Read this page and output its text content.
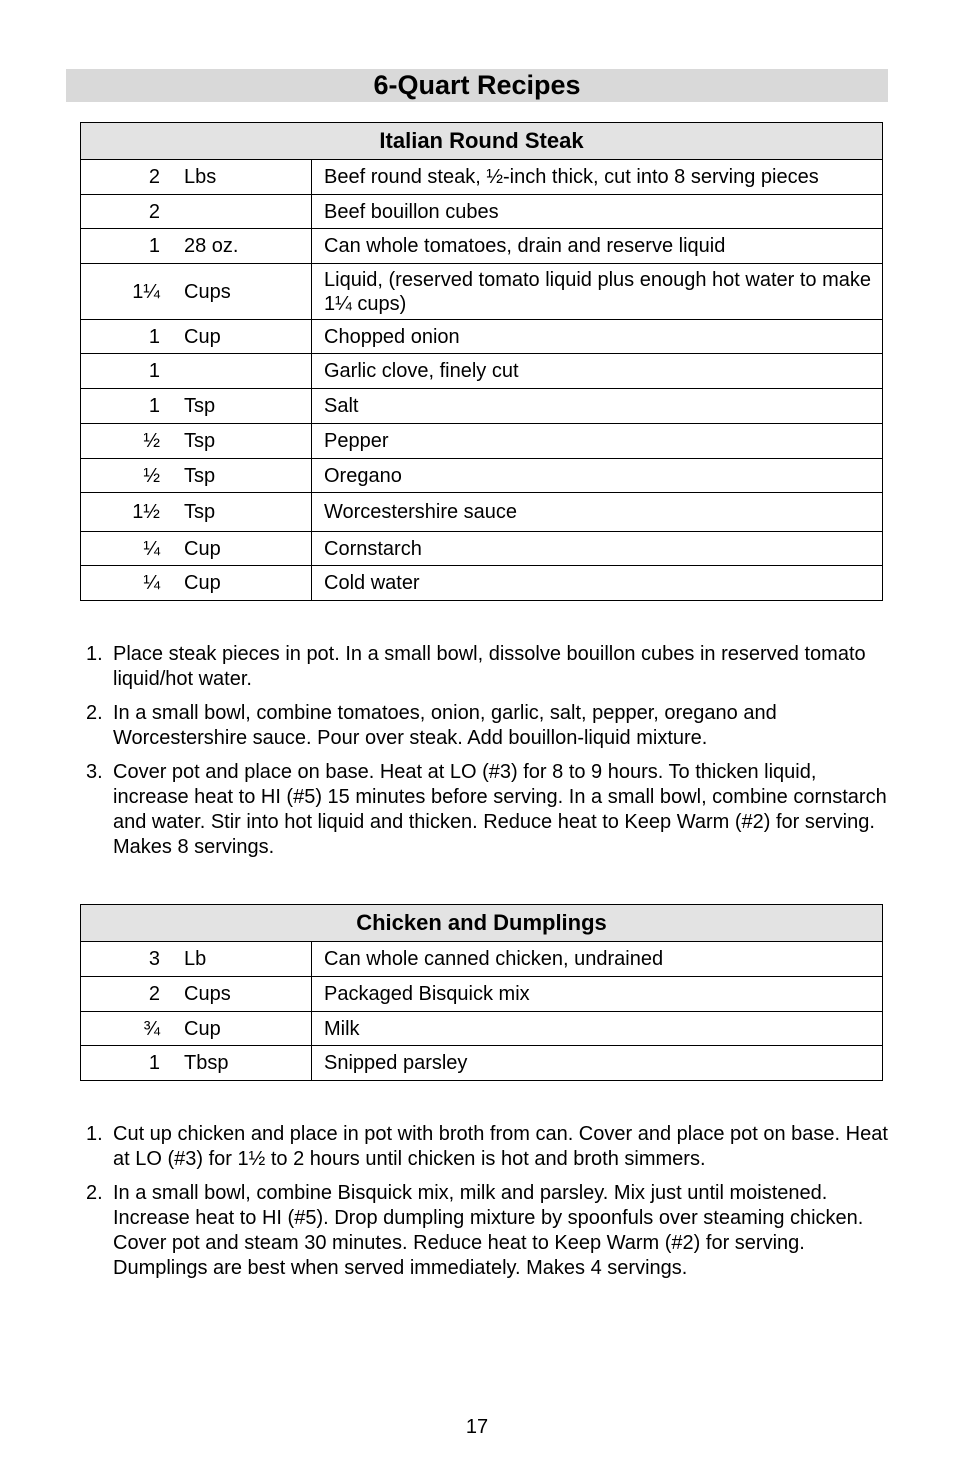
6-Quart Recipes
Italian Round Steak		
2	Lbs	Beef round steak, ½-inch thick, cut into 8 serving pieces
2		Beef bouillon cubes
1	28 oz.	Can whole tomatoes, drain and reserve liquid
1¼	Cups	Liquid, (reserved tomato liquid plus enough hot water to make 1¼ cups)
1	Cup	Chopped onion
1		Garlic clove, finely cut
1	Tsp	Salt
½	Tsp	Pepper
½	Tsp	Oregano
1½	Tsp	Worcestershire sauce
¼	Cup	Cornstarch
¼	Cup	Cold water
1. Place steak pieces in pot. In a small bowl, dissolve bouillon cubes in reserved tomato liquid/hot water.
2. In a small bowl, combine tomatoes, onion, garlic, salt, pepper, oregano and Worcestershire sauce. Pour over steak. Add bouillon-liquid mixture.
3. Cover pot and place on base. Heat at LO (#3) for 8 to 9 hours. To thicken liquid, increase heat to HI (#5) 15 minutes before serving. In a small bowl, combine cornstarch and water. Stir into hot liquid and thicken. Reduce heat to Keep Warm (#2) for serving. Makes 8 servings.
Chicken and Dumplings		
3	Lb	Can whole canned chicken, undrained
2	Cups	Packaged Bisquick mix
¾	Cup	Milk
1	Tbsp	Snipped parsley
1. Cut up chicken and place in pot with broth from can. Cover and place pot on base. Heat at LO (#3) for 1½ to 2 hours until chicken is hot and broth simmers.
2. In a small bowl, combine Bisquick mix, milk and parsley. Mix just until moistened. Increase heat to HI (#5). Drop dumpling mixture by spoonfuls over steaming chicken. Cover pot and steam 30 minutes. Reduce heat to Keep Warm (#2) for serving. Dumplings are best when served immediately. Makes 4 servings.
17
